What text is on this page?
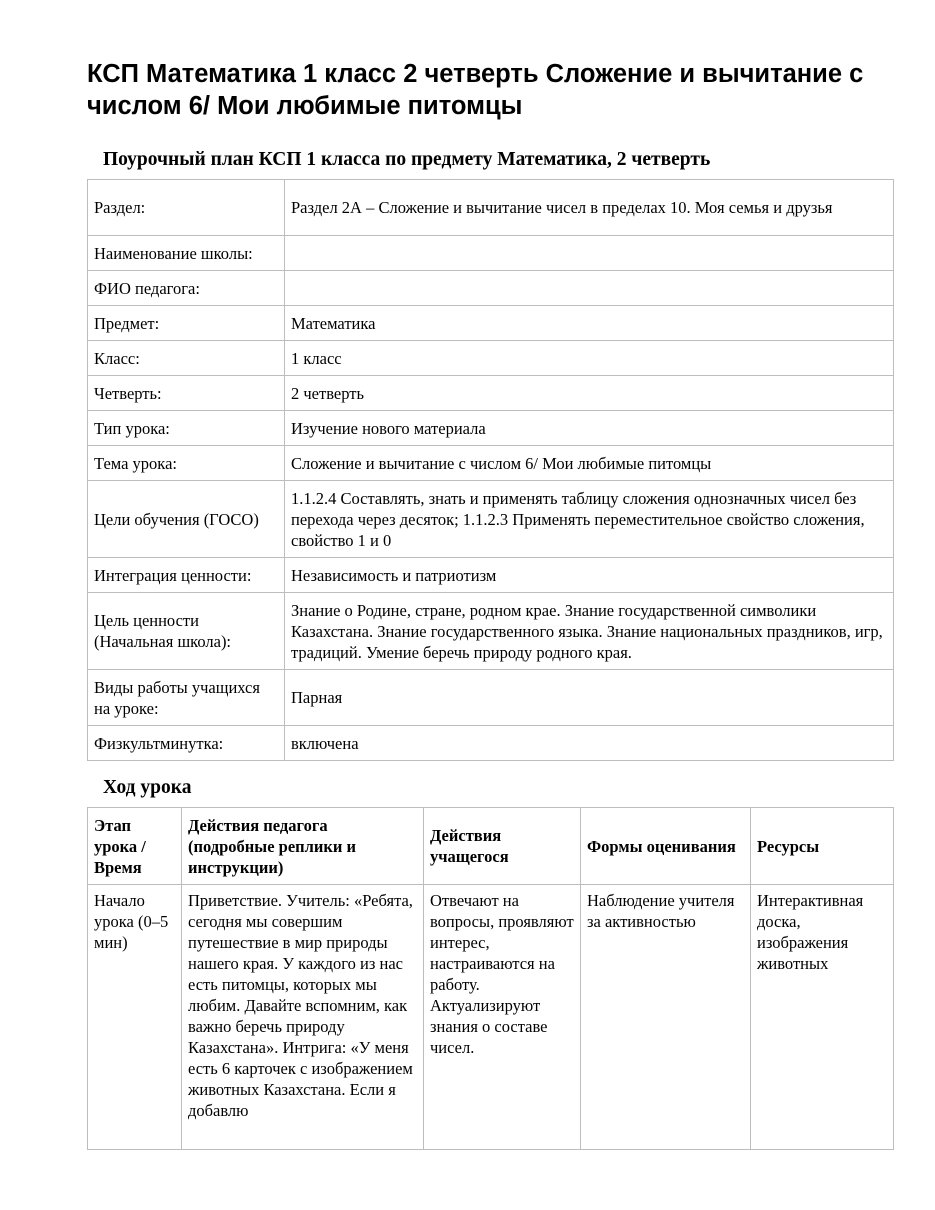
КСП Математика 1 класс 2 четверть Сложение и вычитание с числом 6/ Мои любимые питомцы
Поурочный план КСП 1 класса по предмету Математика, 2 четверть
Раздел:	Раздел 2А – Сложение и вычитание чисел в пределах 10. Моя семья и друзья
Наименование школы:	
ФИО педагога:	
Предмет:	Математика
Класс:	1 класс
Четверть:	2 четверть
Тип урока:	Изучение нового материала
Тема урока:	Сложение и вычитание с числом 6/ Мои любимые питомцы
Цели обучения (ГОСО)	1.1.2.4 Составлять, знать и применять таблицу сложения однозначных чисел без перехода через десяток; 1.1.2.3 Применять переместительное свойство сложения, свойство 1 и 0
Интеграция ценности:	Независимость и патриотизм
Цель ценности (Начальная школа):	Знание о Родине, стране, родном крае. Знание государственной символики Казахстана. Знание государственного языка. Знание национальных праздников, игр, традиций. Умение беречь природу родного края.
Виды работы учащихся на уроке:	Парная
Физкультминутка:	включена
Ход урока
Этап урока / Время	Действия педагога (подробные реплики и инструкции)	Действия учащегося	Формы оценивания	Ресурсы
Начало урока (0–5 мин)	Приветствие. Учитель: «Ребята, сегодня мы совершим путешествие в мир природы нашего края. У каждого из нас есть питомцы, которых мы любим. Давайте вспомним, как важно беречь природу Казахстана». Интрига: «У меня есть 6 карточек с изображением животных Казахстана. Если я добавлю	Отвечают на вопросы, проявляют интерес, настраиваются на работу. Актуализируют знания о составе чисел.	Наблюдение учителя за активностью	Интерактивная доска, изображения животных
